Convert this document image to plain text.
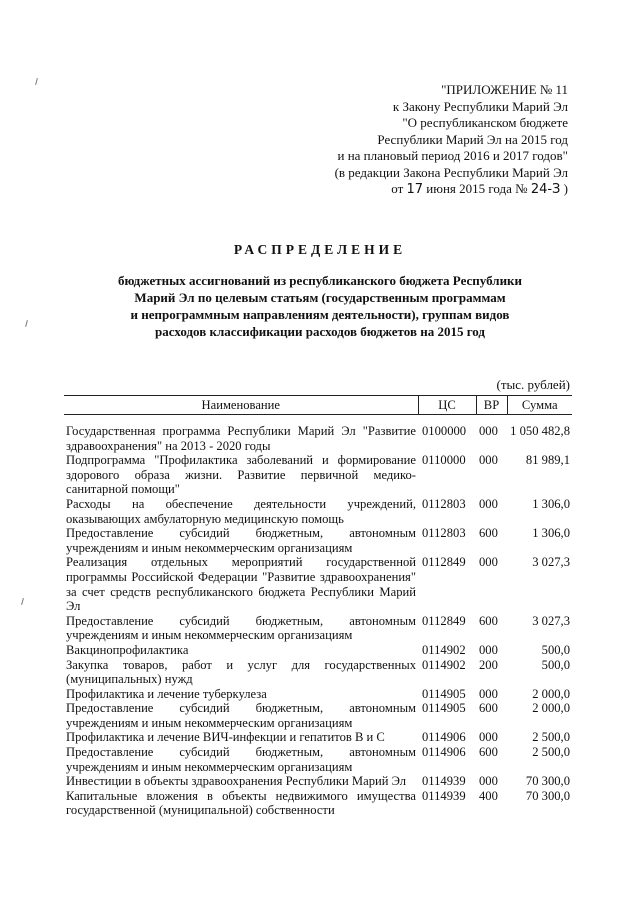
"ПРИЛОЖЕНИЕ № 11
к Закону Республики Марий Эл
"О республиканском бюджете
Республики Марий Эл на 2015 год
и на плановый период 2016 и 2017 годов"
(в редакции Закона Республики Марий Эл
от 17 июня 2015 года № 24-З )
РАСПРЕДЕЛЕНИЕ
бюджетных ассигнований из республиканского бюджета Республики
Марий Эл по целевым статьям (государственным программам
и непрограммным направлениям деятельности), группам видов
расходов классификации расходов бюджетов на 2015 год
(тыс. рублей)
Наименование	ЦС	ВР	Сумма
Государственная программа Республики Марий Эл "Развитие здравоохранения" на 2013 - 2020 годы	0100000	000	1 050 482,8
Подпрограмма "Профилактика заболеваний и формирование здорового образа жизни. Развитие первичной медико-санитарной помощи"	0110000	000	81 989,1
Расходы на обеспечение деятельности учреждений, оказывающих амбулаторную медицинскую помощь	0112803	000	1 306,0
Предоставление субсидий бюджетным, автономным учреждениям и иным некоммерческим организациям	0112803	600	1 306,0
Реализация отдельных мероприятий государственной программы Российской Федерации "Развитие здравоохранения" за счет средств республиканского бюджета Республики Марий Эл	0112849	000	3 027,3
Предоставление субсидий бюджетным, автономным учреждениям и иным некоммерческим организациям	0112849	600	3 027,3
Вакцинопрофилактика	0114902	000	500,0
Закупка товаров, работ и услуг для государственных (муниципальных) нужд	0114902	200	500,0
Профилактика и лечение туберкулеза	0114905	000	2 000,0
Предоставление субсидий бюджетным, автономным учреждениям и иным некоммерческим организациям	0114905	600	2 000,0
Профилактика и лечение ВИЧ-инфекции и гепатитов В и С	0114906	000	2 500,0
Предоставление субсидий бюджетным, автономным учреждениям и иным некоммерческим организациям	0114906	600	2 500,0
Инвестиции в объекты здравоохранения Республики Марий Эл	0114939	000	70 300,0
Капитальные вложения в объекты недвижимого имущества государственной (муниципальной) собственности	0114939	400	70 300,0
